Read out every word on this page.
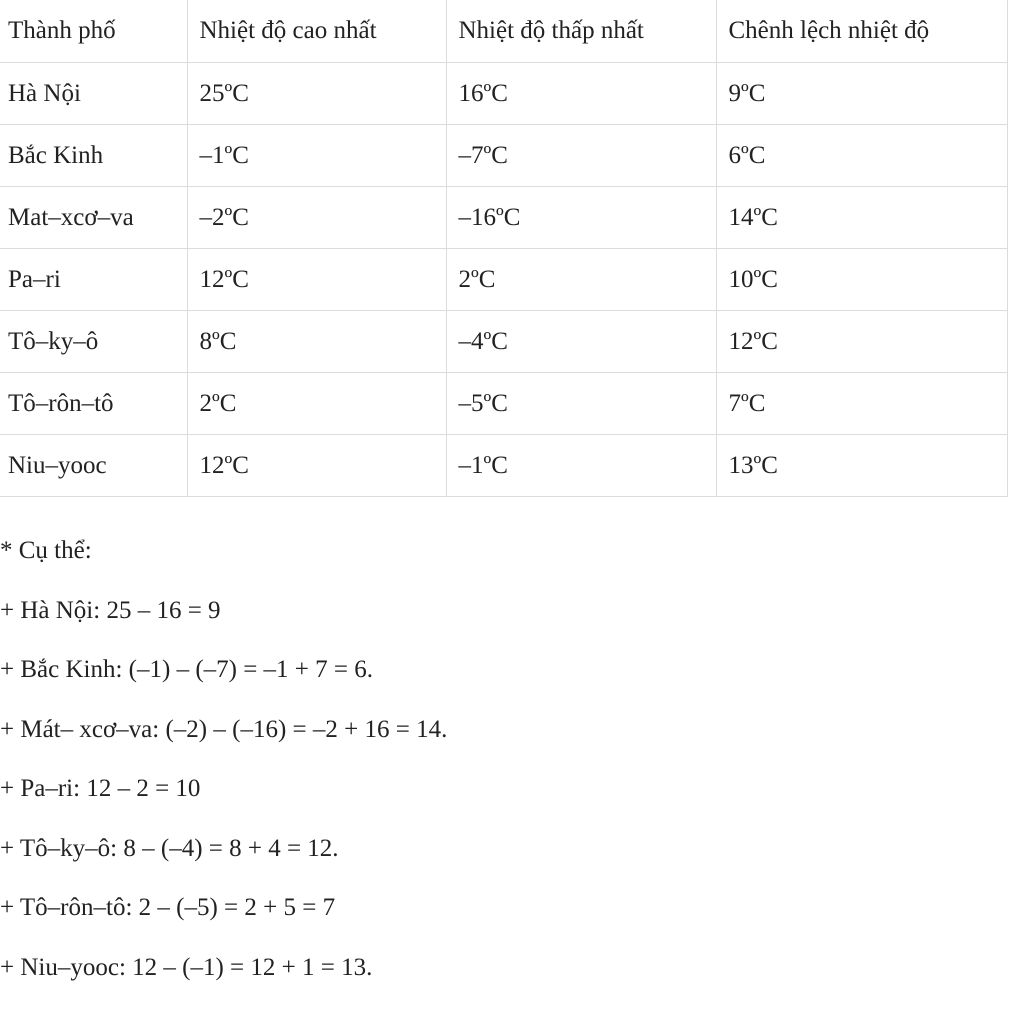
Thành phố	Nhiệt độ cao nhất	Nhiệt độ thấp nhất	Chênh lệch nhiệt độ
Hà Nội	25ºC	16ºC	9ºC
Bắc Kinh	–1ºC	–7ºC	6ºC
Mat–xcơ–va	–2ºC	–16ºC	14ºC
Pa–ri	12ºC	2ºC	10ºC
Tô–ky–ô	8ºC	–4ºC	12ºC
Tô–rôn–tô	2ºC	–5ºC	7ºC
Niu–yooc	12ºC	–1ºC	13ºC
* Cụ thể:
+ Hà Nội: 25 – 16 = 9
+ Bắc Kinh: (–1) – (–7) = –1 + 7 = 6.
+ Mát– xcơ–va: (–2) – (–16) = –2 + 16 = 14.
+ Pa–ri: 12 – 2 = 10
+ Tô–ky–ô: 8 – (–4) = 8 + 4 = 12.
+ Tô–rôn–tô: 2 – (–5) = 2 + 5 = 7
+ Niu–yooc: 12 – (–1) = 12 + 1 = 13.
